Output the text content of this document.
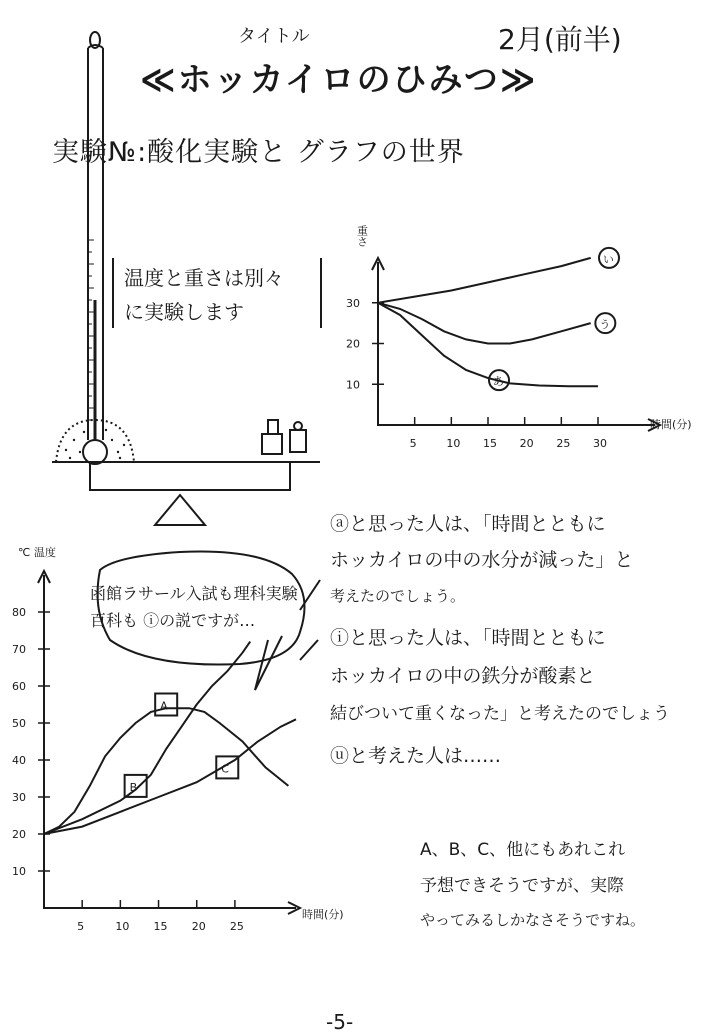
タイトル
≪ホッカイロのひみつ≫
2月(前半)
実験№:酸化実験と グラフの世界
温度と重さは別々
に実験します
函館ラサール入試も理科実験百科も ⓘの説ですが…
重さ
時間(分)
5	10 15 20 25 30
30
20
10
い
う
あ
℃ 温度
時間(分)
5	10 15 20 25
80
70
60
50
40
30
20
10
A
B
C
ⓐと思った人は、「時間とともに
ホッカイロの中の水分が減った」と
考えたのでしょう。
ⓘと思った人は、「時間とともに
ホッカイロの中の鉄分が酸素と
結びついて重くなった」と考えたのでしょう
ⓤと考えた人は……
A、B、C、他にもあれこれ
予想できそうですが、実際
やってみるしかなさそうですね。
-5-
